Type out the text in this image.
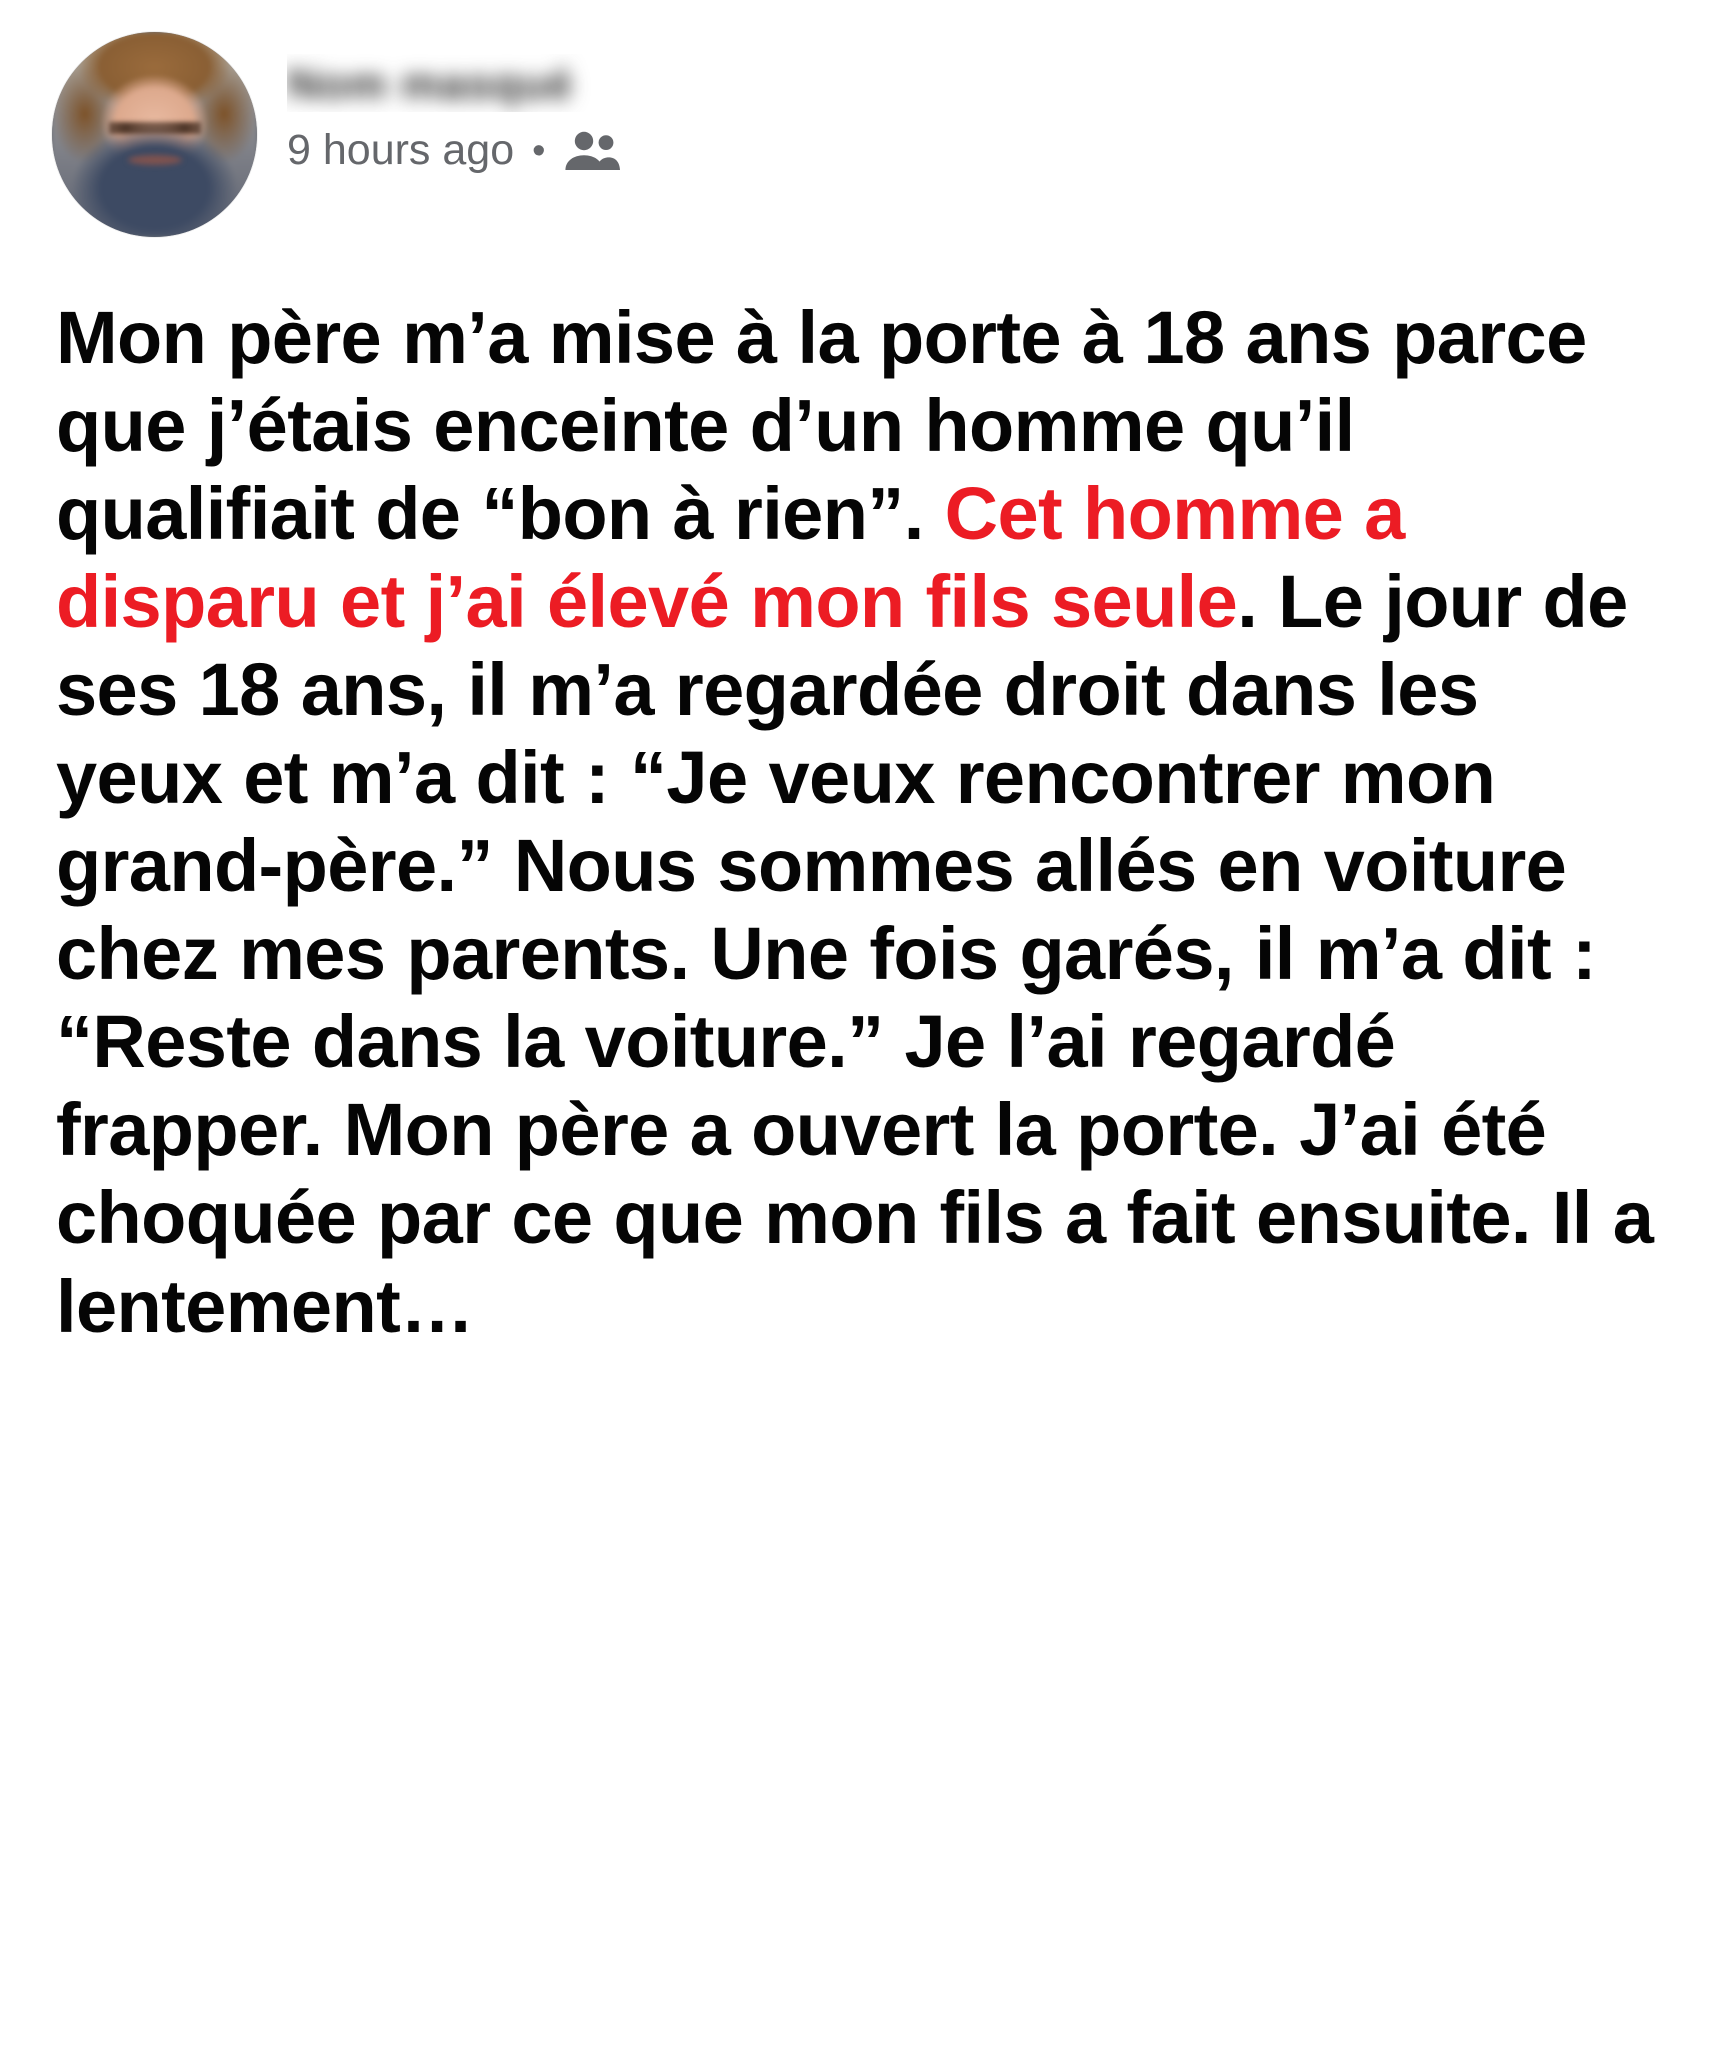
Nom masqué
9 hours ago •
Mon père m’a mise à la porte à 18 ans parce que j’étais enceinte d’un homme qu’il qualifiait de “bon à rien”. Cet homme a disparu et j’ai élevé mon fils seule. Le jour de ses 18 ans, il m’a regardée droit dans les yeux et m’a dit : “Je veux rencontrer mon grand-père.” Nous sommes allés en voiture chez mes parents. Une fois garés, il m’a dit : “Reste dans la voiture.” Je l’ai regardé frapper. Mon père a ouvert la porte. J’ai été choquée par ce que mon fils a fait ensuite. Il a lentement…
